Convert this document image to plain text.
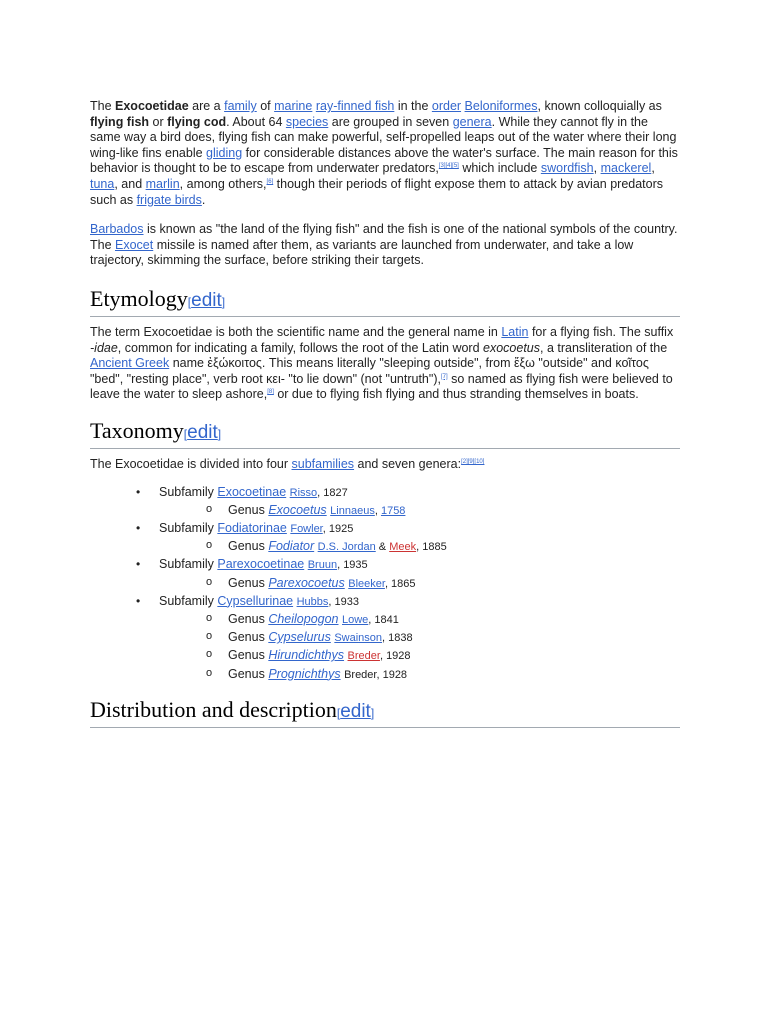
The Exocoetidae are a family of marine ray-finned fish in the order Beloniformes, known colloquially as flying fish or flying cod. About 64 species are grouped in seven genera. While they cannot fly in the same way a bird does, flying fish can make powerful, self-propelled leaps out of the water where their long wing-like fins enable gliding for considerable distances above the water's surface. The main reason for this behavior is thought to be to escape from underwater predators,[3][4][5] which include swordfish, mackerel, tuna, and marlin, among others,[6] though their periods of flight expose them to attack by avian predators such as frigate birds.

Barbados is known as "the land of the flying fish" and the fish is one of the national symbols of the country. The Exocet missile is named after them, as variants are launched from underwater, and take a low trajectory, skimming the surface, before striking their targets.

Etymology[edit]

The term Exocoetidae is both the scientific name and the general name in Latin for a flying fish. The suffix -idae, common for indicating a family, follows the root of the Latin word exocoetus, a transliteration of the Ancient Greek name ἐξώκοιτος. This means literally "sleeping outside", from ἔξω "outside" and κοῖτος "bed", "resting place", verb root κει- "to lie down" (not "untruth"),[7] so named as flying fish were believed to leave the water to sleep ashore,[8] or due to flying fish flying and thus stranding themselves in boats.

Taxonomy[edit]

The Exocoetidae is divided into four subfamilies and seven genera:[2][9][10]

• Subfamily Exocoetinae Risso, 1827
o Genus Exocoetus Linnaeus, 1758
• Subfamily Fodiatorinae Fowler, 1925
o Genus Fodiator D.S. Jordan & Meek, 1885
• Subfamily Parexocoetinae Bruun, 1935
o Genus Parexocoetus Bleeker, 1865
• Subfamily Cypsellurinae Hubbs, 1933
o Genus Cheilopogon Lowe, 1841
o Genus Cypselurus Swainson, 1838
o Genus Hirundichthys Breder, 1928
o Genus Prognichthys Breder, 1928
Distribution and description[edit]
